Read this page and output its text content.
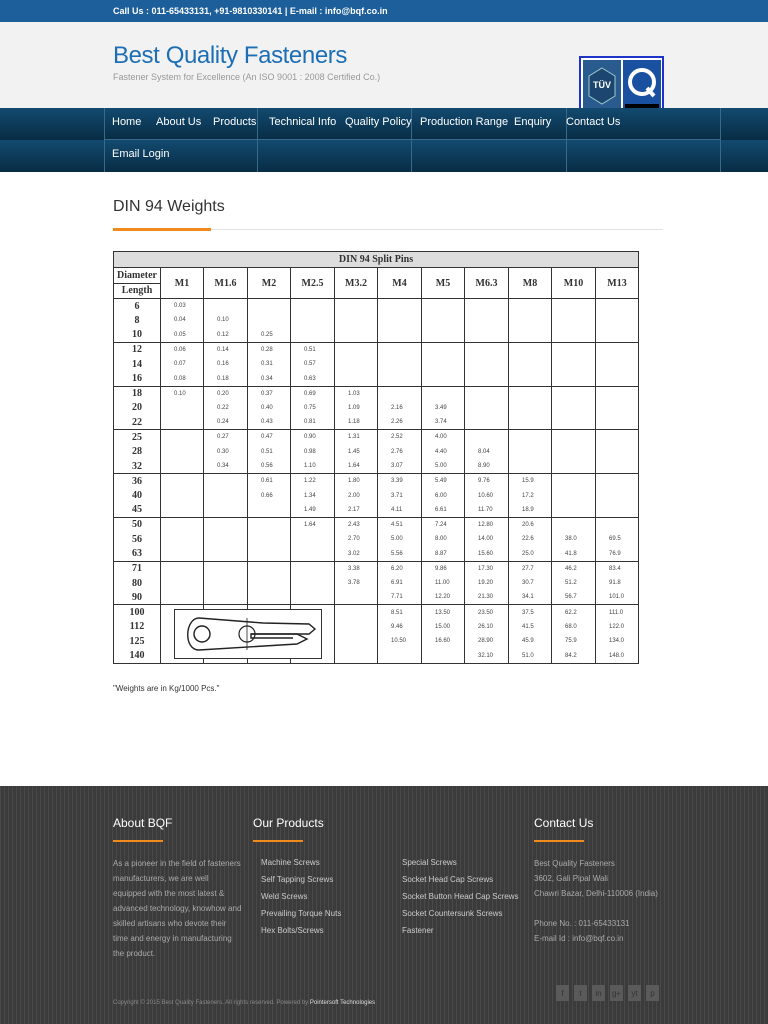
Call Us : 011-65433131, +91-9810330141 | E-mail : info@bqf.co.in
Best Quality Fasteners
Fastener System for Excellence (An ISO 9001 : 2008 Certified Co.)
TÜV
Home	About Us	Products	Technical Info Quality Policy Production Range Enquiry	Contact Us
Email Login
DIN 94 Weights
DIN 94 Split Pins											

Diameter
Length	M1	M1.6	M2	M2.5	M3.2	M4	M5	M6.3	M8	M10	M13
6	0.03										
8	0.04	0.10									
10	0.05	0.12	0.25								
12	0.06	0.14	0.28	0.51							
14	0.07	0.16	0.31	0.57							
16	0.08	0.18	0.34	0.63							
18	0.10	0.20	0.37	0.69	1.03						
20		0.22	0.40	0.75	1.09	2.16	3.49				
22		0.24	0.43	0.81	1.18	2.26	3.74				
25		0.27	0.47	0.90	1.31	2.52	4.00				
28		0.30	0.51	0.98	1.45	2.76	4.40	8.04			
32		0.34	0.56	1.10	1.64	3.07	5.00	8.90			
36			0.61	1.22	1.80	3.39	5.49	9.76	15.9		
40			0.66	1.34	2.00	3.71	6.00	10.60	17.2		
45				1.49	2.17	4.11	6.61	11.70	18.9		
50				1.64	2.43	4.51	7.24	12.80	20.6		
56					2.70	5.00	8.00	14.00	22.6	38.0	69.5
63					3.02	5.56	8.87	15.60	25.0	41.8	76.9
71					3.38	6.20	9.86	17.30	27.7	46.2	83.4
80					3.78	6.91	11.00	19.20	30.7	51.2	91.8
90						7.71	12.20	21.30	34.1	56.7	101.0
100						8.51	13.50	23.50	37.5	62.2	111.0
112						9.46	15.00	26.10	41.5	68.0	122.0
125						10.50	16.60	28.90	45.9	75.9	134.0
140								32.10	51.0	84.2	148.0
"Weights are in Kg/1000 Pcs."
About BQF
As a pioneer in the field of fasteners manufacturers, we are well equipped with the most latest & advanced technology, knowhow and skilled artisans who devote their time and energy in manufacturing the product.
Our Products
Machine Screws
Self Tapping Screws
Weld Screws
Prevailing Torque Nuts
Hex Bolts/Screws
Special Screws
Socket Head Cap Screws
Socket Button Head Cap Screws
Socket Countersunk Screws
Fastener
Contact Us
Best Quality Fasteners
3602, Gali Pipal Wali
Chawri Bazar, Delhi-110006 (India)
Phone No. : 011-65433131
E-mail Id : info@bqf.co.in
Copyright © 2015 Best Quality Fasteners. All rights reserved. Powered by Pointersoft Technologies
f	t	in	g+	yt	p
